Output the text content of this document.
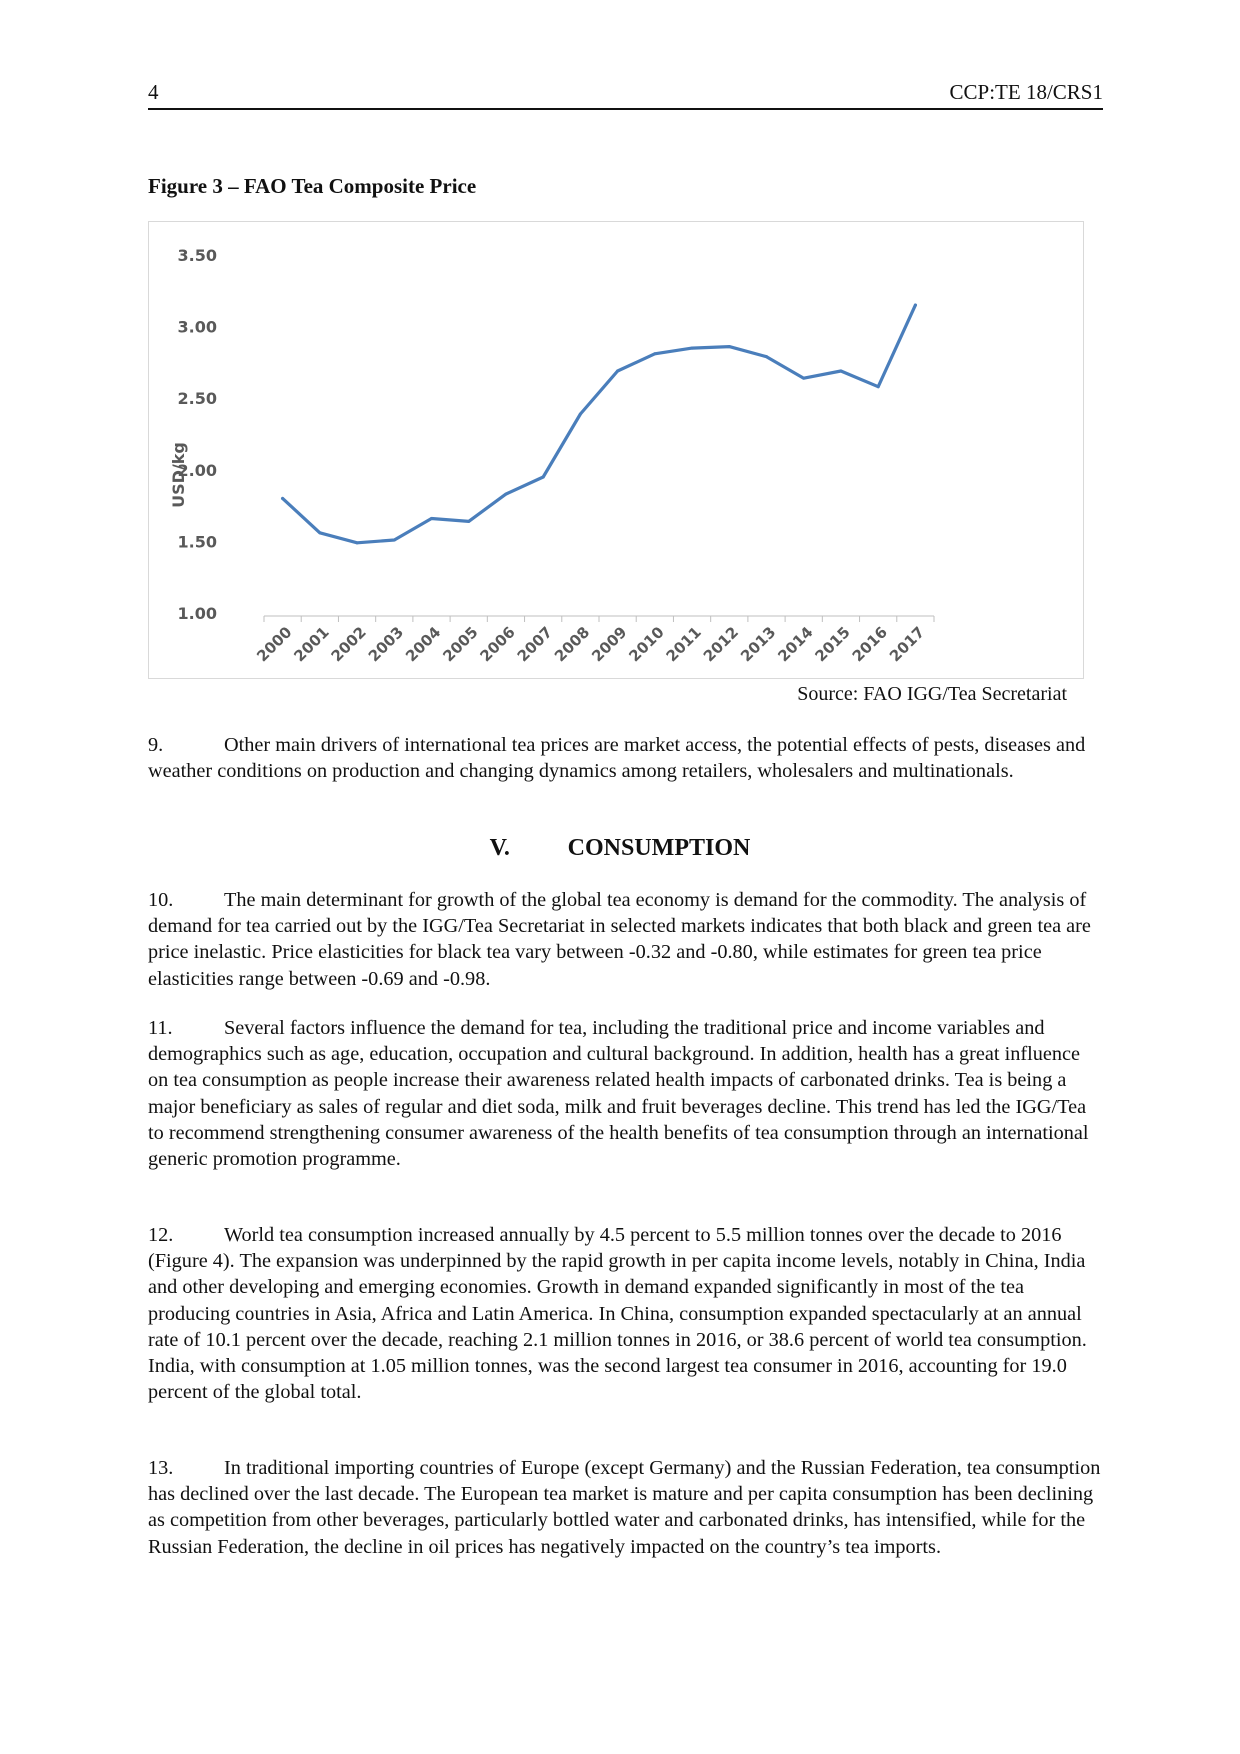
4	CCP:TE 18/CRS1
Figure 3 – FAO Tea Composite Price
1.00
1.50
2.00
2.50
3.00
3.50
2000
2001
2002
2003
2004
2005
2006
2007
2008
2009
2010
2011
2012
2013
2014
2015
2016
2017
USD/kg
Source: FAO IGG/Tea Secretariat

9.	Other main drivers of international tea prices are market access, the potential effects of pests, diseases and weather conditions on production and changing dynamics among retailers, wholesalers and multinationals.

V. CONSUMPTION

10. The main determinant for growth of the global tea economy is demand for the commodity. The analysis of demand for tea carried out by the IGG/Tea Secretariat in selected markets indicates that both black and green tea are price inelastic. Price elasticities for black tea vary between -0.32 and -0.80, while estimates for green tea price elasticities range between -0.69 and -0.98.

11.	Several factors influence the demand for tea, including the traditional price and income variables and demographics such as age, education, occupation and cultural background. In addition, health has a great influence on tea consumption as people increase their awareness related health impacts of carbonated drinks. Tea is being a major beneficiary as sales of regular and diet soda, milk and fruit beverages decline. This trend has led the IGG/Tea to recommend strengthening consumer awareness of the health benefits of tea consumption through an international generic promotion programme.

12. World tea consumption increased annually by 4.5 percent to 5.5 million tonnes over the decade to 2016 (Figure 4). The expansion was underpinned by the rapid growth in per capita income levels, notably in China, India and other developing and emerging economies. Growth in demand expanded significantly in most of the tea producing countries in Asia, Africa and Latin America. In China, consumption expanded spectacularly at an annual rate of 10.1 percent over the decade, reaching 2.1 million tonnes in 2016, or 38.6 percent of world tea consumption. India, with consumption at 1.05 million tonnes, was the second largest tea consumer in 2016, accounting for 19.0 percent of the global total.

13. In traditional importing countries of Europe (except Germany) and the Russian Federation, tea consumption has declined over the last decade. The European tea market is mature and per capita consumption has been declining as competition from other beverages, particularly bottled water and carbonated drinks, has intensified, while for the Russian Federation, the decline in oil prices has negatively impacted on the country’s tea imports.
